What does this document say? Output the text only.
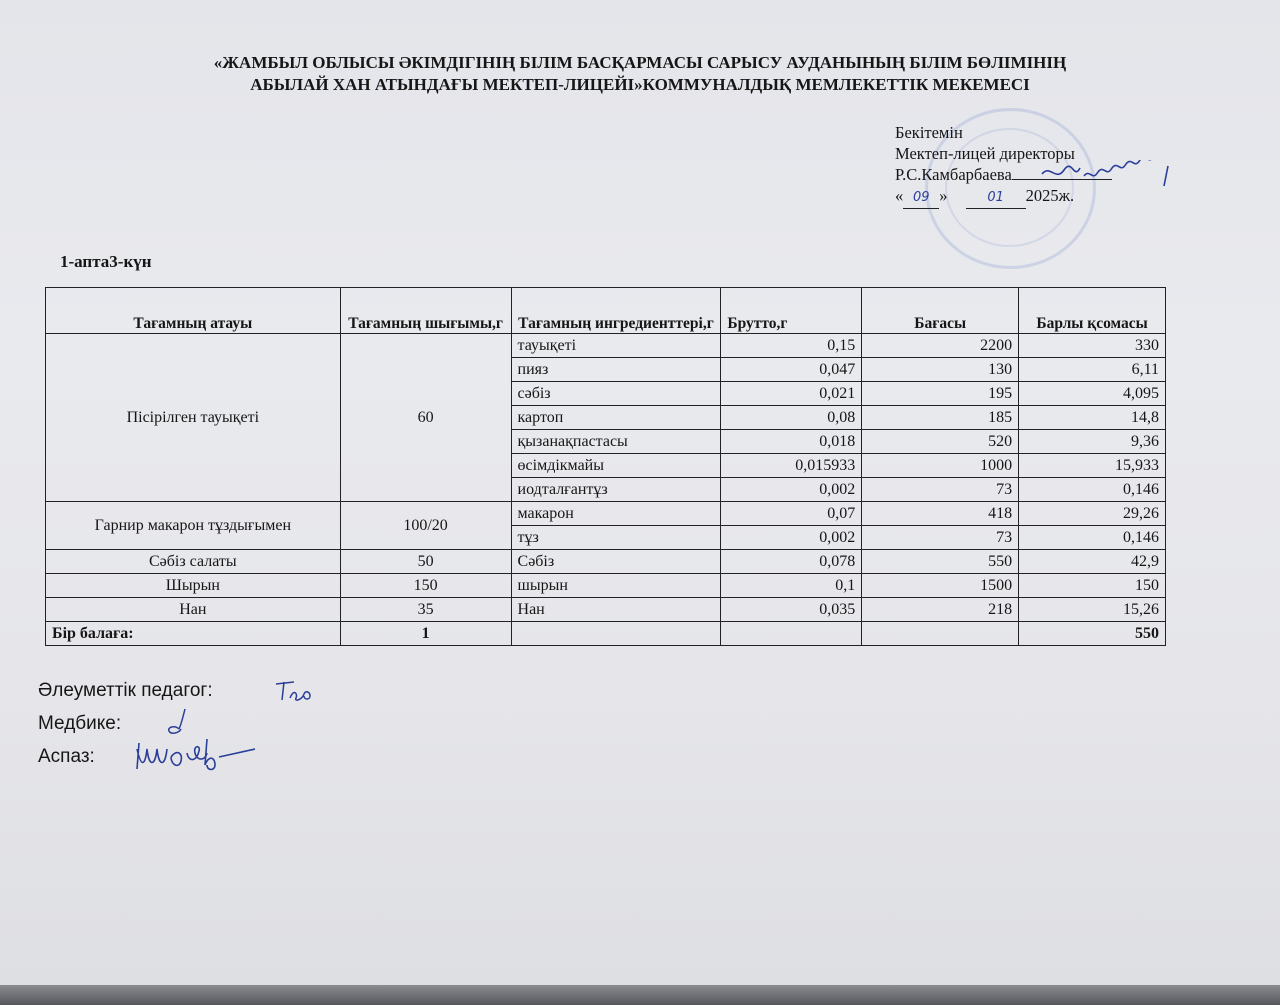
«ЖАМБЫЛ ОБЛЫСЫ ӘКІМДІГІНІҢ БІЛІМ БАСҚАРМАСЫ САРЫСУ АУДАНЫНЫҢ БІЛІМ БӨЛІМІНІҢ
АБЫЛАЙ ХАН АТЫНДАҒЫ МЕКТЕП-ЛИЦЕЙІ»КОММУНАЛДЫҚ МЕМЛЕКЕТТІК МЕКЕМЕСІ
Бекітемін
Мектеп-лицей директоры
Р.С.Камбарбаева
« 09 »	01 2025ж.
1-апта3-күн
Тағамның атауы	Тағамның шығымы,г	Тағамның ингредиенттері,г	Брутто,г	Бағасы	Барлы қсомасы
Пісірілген тауықеті	60	тауықеті	0,15	2200	330
		пияз	0,047	130	6,11
		сәбіз	0,021	195	4,095
		картоп	0,08	185	14,8
		қызанақпастасы	0,018	520	9,36
		өсімдікмайы	0,015933	1000	15,933
		иодталғантұз	0,002	73	0,146
Гарнир макарон тұздығымен	100/20	макарон	0,07	418	29,26
		тұз	0,002	73	0,146
Сәбіз салаты	50	Сәбіз	0,078	550	42,9
Шырын	150	шырын	0,1	1500	150
Нан	35	Нан	0,035	218	15,26
Бір балаға:	1				550
Әлеуметтік педагог:
Медбике:
Аспаз:
